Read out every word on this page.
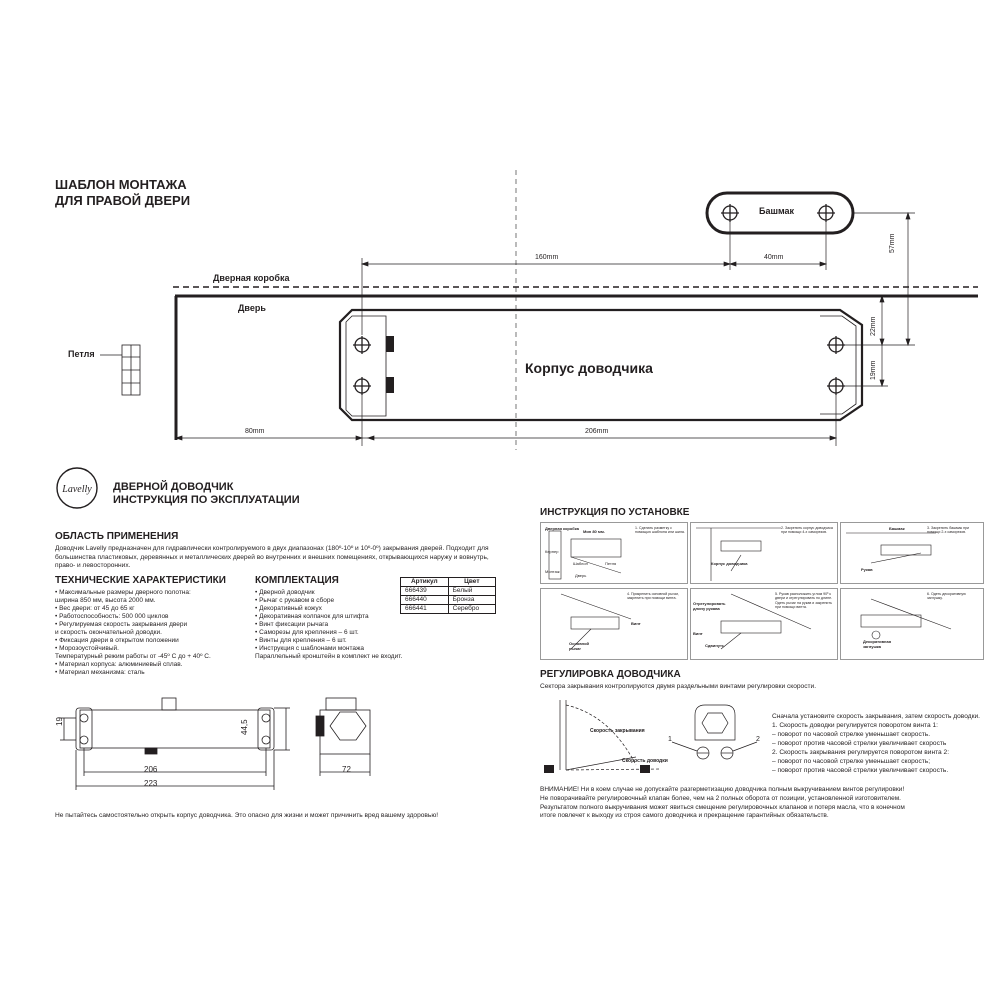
ШАБЛОН МОНТАЖА
ДЛЯ ПРАВОЙ ДВЕРИ
Дверная коробка
Дверь
Петля
Башмак
Корпус доводчика
160mm	40mm
57mm
22mm
19mm
80mm	206mm
Lavelly ДВЕРНОЙ ДОВОДЧИК
ИНСТРУКЦИЯ ПО ЭКСПЛУАТАЦИИ
ОБЛАСТЬ ПРИМЕНЕНИЯ
Доводчик Lavelly предназначен для гидравлически контролируемого в двух диапазонах (180º-10º и 10º-0º) закрывания дверей. Подходит для большинства пластиковых, деревянных и металлических дверей во внутренних и внешних помещениях, открывающихся наружу и вовнутрь, право- и левосторонних.
ТЕХНИЧЕСКИЕ ХАРАКТЕРИСТИКИ
• Максимальные размеры дверного полотна:
ширина 850 мм, высота 2000 мм.
• Вес двери: от 45 до 65 кг
• Работоспособность: 500 000 циклов
• Регулируемая скорость закрывания двери
и скорость окончательной доводки.
• Фиксация двери в открытом положении
• Морозоустойчивый.
Температурный режим работы от -45º С до + 40º С.
• Материал корпуса: алюминиевый сплав.
• Материал механизма: сталь
КОМПЛЕКТАЦИЯ
• Дверной доводчик
• Рычаг с рукавом в сборе
• Декоративный кожух
• Декоративная колпачок для штифта
• Винт фиксации рычага
• Саморезы для крепления – 6 шт.
• Винты для крепления – 6 шт.
• Инструкция с шаблонами монтажа
Параллельный кронштейн в комплект не входит.
Артикул	Цвет
666439	Белый
666440	Бронза
666441	Серебро
19	44,5
206
223
72
Не пытайтесь самостоятельно открыть корпус доводчика. Это опасно для жизни и может причинить вред вашему здоровью!
ИНСТРУКЦИЯ ПО УСТАНОВКЕ
Дверная коробка	1. Сделать разметку с помощью шаблона или шила.
Мин 80 мм.
Кернер
Шаблон	Петля
Монтаж
Дверь
Корпус доводчика
2. Закрепить корпус доводчика при помощи 4-х саморезов.
Башмак
Рукав
3. Закрепить башмак при помощи 2-х саморезов.
Основной рычаг
Винт
4. Прикрепить основной рычаг, закрепить при помощи винта.
Отрегулировать длину рукава
Винт
Сдвинуть
5. Рукав расположить углом 90º к двери и отрегулировать по длине. Одеть рычаг на рукав и закрепить при помощи винта.
Декоративная заглушка
6. Одеть декоративную заглушку.
РЕГУЛИРОВКА ДОВОДЧИКА
Сектора закрывания контролируются двумя раздельными винтами регулировки скорости.
Скорость закрывания
Скорость доводки
1	2
Сначала установите скорость закрывания, затем скорость доводки.
1. Скорость доводки регулируется поворотом винта 1:
– поворот по часовой стрелке уменьшает скорость.
– поворот против часовой стрелки увеличивает скорость
2. Скорость закрывания регулируется поворотом винта 2:
– поворот по часовой стрелке уменьшает скорость;
– поворот против часовой стрелки увеличивает скорость.
ВНИМАНИЕ! Ни в коем случае не допускайте разгерметизацию доводчика полным выкручиванием винтов регулировки!
Не поворачивайте регулировочный клапан более, чем на 2 полных оборота от позиции, установленной изготовителем.
Результатом полного выкручивания может явиться смещение регулировочных клапанов и потеря масла, что в конечном
итоге повлечет к выходу из строя самого доводчика и прекращение гарантийных обязательств.
